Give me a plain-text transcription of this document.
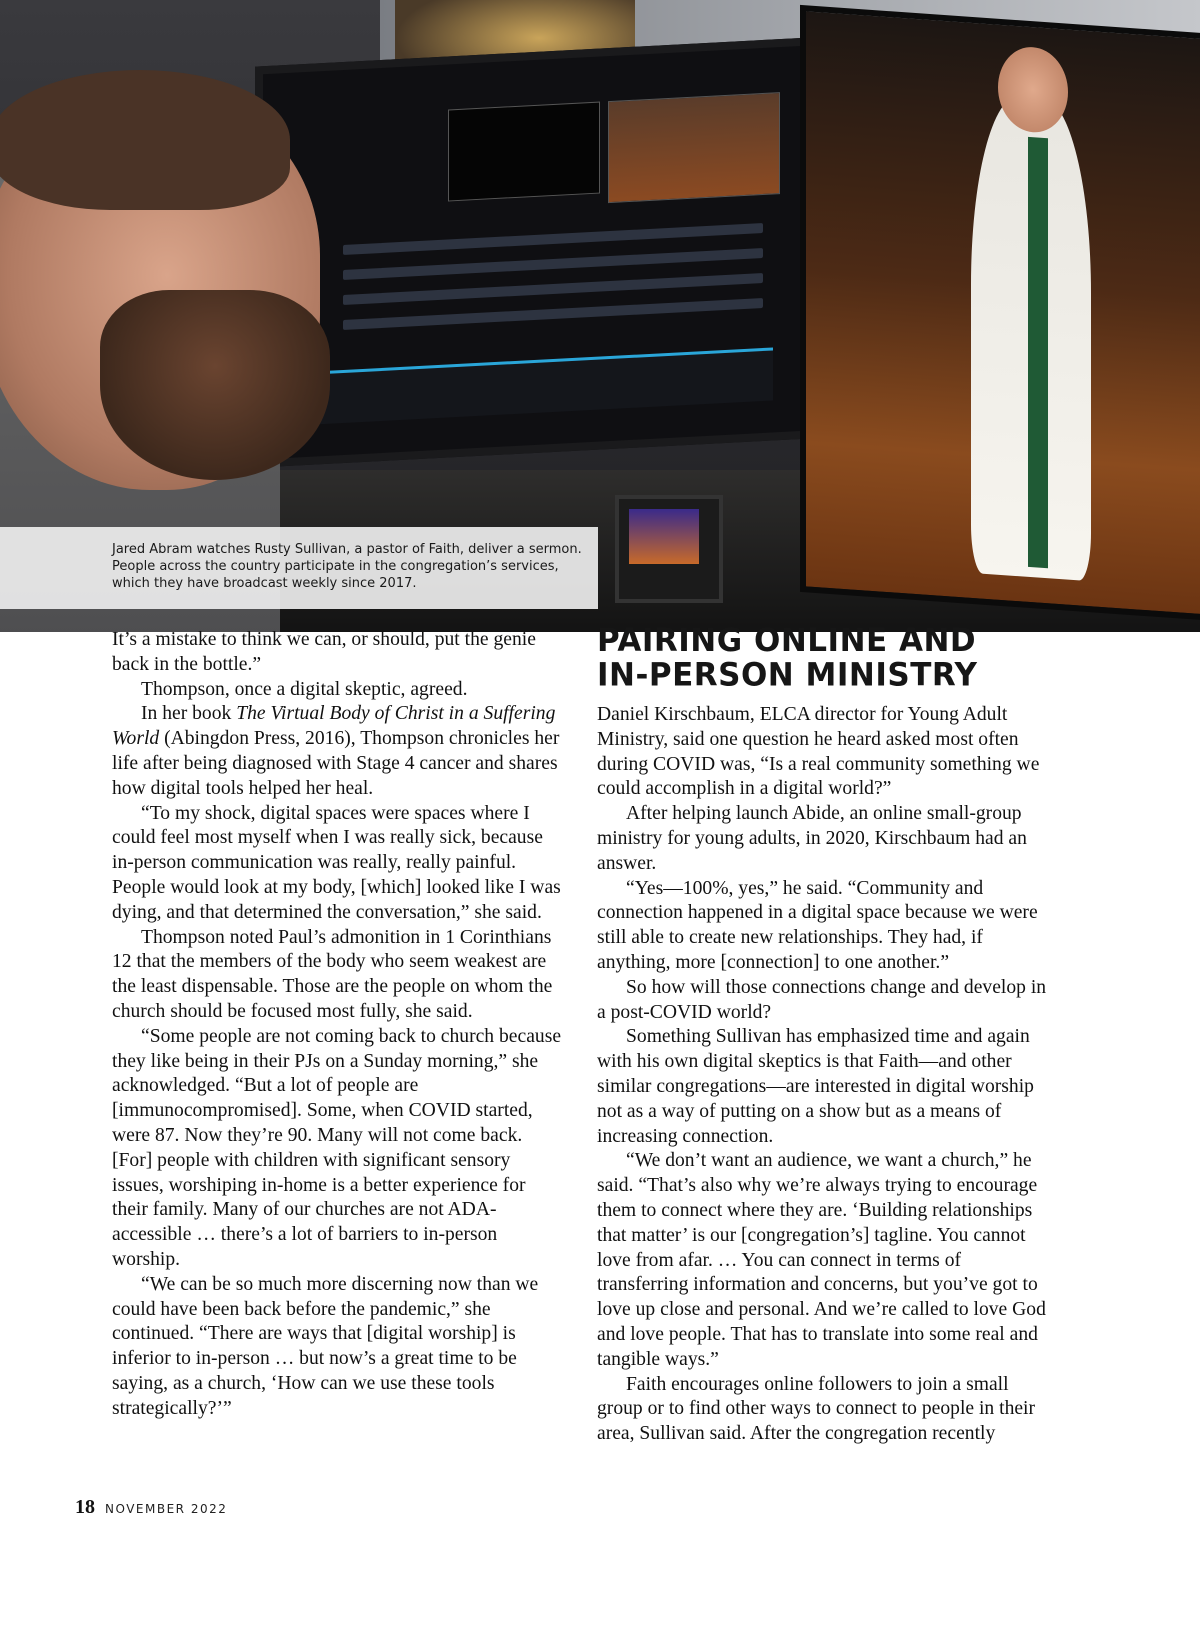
Jared Abram watches Rusty Sullivan, a pastor of Faith, deliver a sermon. People across the country participate in the congregation’s services, which they have broadcast weekly since 2017.

It’s a mistake to think we can, or should, put the genie back in the bottle.”

Thompson, once a digital skeptic, agreed.

In her book The Virtual Body of Christ in a Suffering World (Abingdon Press, 2016), Thompson chronicles her life after being diagnosed with Stage 4 cancer and shares how digital tools helped her heal.

“To my shock, digital spaces were spaces where I could feel most myself when I was really sick, because in-person communication was really, really painful. People would look at my body, [which] looked like I was dying, and that determined the conversation,” she said.

Thompson noted Paul’s admonition in 1 Corinthians 12 that the members of the body who seem weakest are the least dispensable. Those are the people on whom the church should be focused most fully, she said.

“Some people are not coming back to church because they like being in their PJs on a Sunday morning,” she acknowledged. “But a lot of people are [immunocompromised]. Some, when COVID started, were 87. Now they’re 90. Many will not come back. [For] people with children with significant sensory issues, worshiping in-home is a better experience for their family. Many of our churches are not ADA-accessible … there’s a lot of barriers to in-person worship.

“We can be so much more discerning now than we could have been back before the pandemic,” she continued. “There are ways that [digital worship] is inferior to in-person … but now’s a great time to be saying, as a church, ‘How can we use these tools strategically?’”

PAIRING ONLINE AND
IN-PERSON MINISTRY

Daniel Kirschbaum, ELCA director for Young Adult Ministry, said one question he heard asked most often during COVID was, “Is a real community something we could accomplish in a digital world?”

After helping launch Abide, an online small-group ministry for young adults, in 2020, Kirschbaum had an answer.

“Yes—100%, yes,” he said. “Community and connection happened in a digital space because we were still able to create new relationships. They had, if anything, more [connection] to one another.”

So how will those connections change and develop in a post-COVID world?

Something Sullivan has emphasized time and again with his own digital skeptics is that Faith—and other similar congregations—are interested in digital worship not as a way of putting on a show but as a means of increasing connection.

“We don’t want an audience, we want a church,” he said. “That’s also why we’re always trying to encourage them to connect where they are. ‘Building relationships that matter’ is our [congregation’s] tagline. You cannot love from afar. … You can connect in terms of transferring information and concerns, but you’ve got to love up close and personal. And we’re called to love God and love people. That has to translate into some real and tangible ways.”

Faith encourages online followers to join a small group or to find other ways to connect to people in their area, Sullivan said. After the congregation recently

18 NOVEMBER 2022
